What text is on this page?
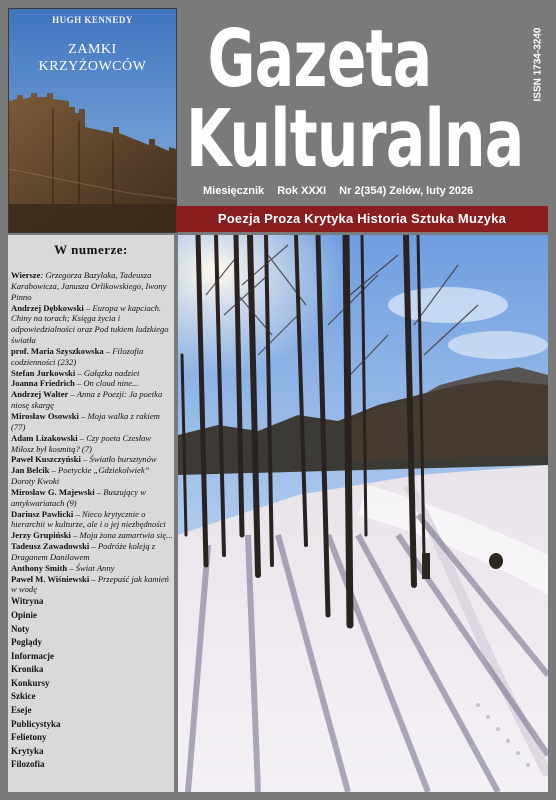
HUGH KENNEDY
ZAMKI
KRZYŻOWCÓW Gazeta
Kulturalna
ISSN 1734-3240
Miesięcznik Rok XXXI Nr 2(354) Zelów, luty 2026
Poezja Proza Krytyka Historia Sztuka Muzyka
W numerze:
Wiersze: Grzegorza Bazylaka, Tadeusza Karabowicza, Janusza Orlikowskiego, Iwony Pinno
Andrzej Dębkowski – Europa w kapciach. Chiny na torach; Księga życia i odpowiedzialności oraz Pod tukiem ludzkiego światła
prof. Maria Szyszkowska – Filozofia codzienności (232)
Stefan Jurkowski – Gałązka nadziei
Joanna Friedrich – On cloud nine...
Andrzej Walter – Anna z Poezji: Ja poetka niosę skargę
Mirosław Osowski – Moja walka z rakiem (77)
Adam Lizakowski – Czy poeta Czesław Miłosz był kosmitą? (7)
Paweł Kuszczyński – Światło bursztynów
Jan Belcik – Poetyckie „Gdziekolwiek” Doroty Kwoki
Mirosław G. Majewski – Buszujący w antykwariatach (9)
Dariusz Pawlicki – Nieco krytycznie o hierarchii w kulturze, ale i o jej niezbędności
Jerzy Grupiński – Moja żona zamartwia się...
Tadeusz Zawadowski – Podróże koleją z Draganem Danilowem
Anthony Smith – Świat Anny
Paweł M. Wiśniewski – Przepaść jak kamień w wodę
Witryna
Opinie
Noty
Poglądy
Informacje
Kronika
Konkursy
Szkice
Eseje
Publicystyka
Felietony
Krytyka
Filozofia
